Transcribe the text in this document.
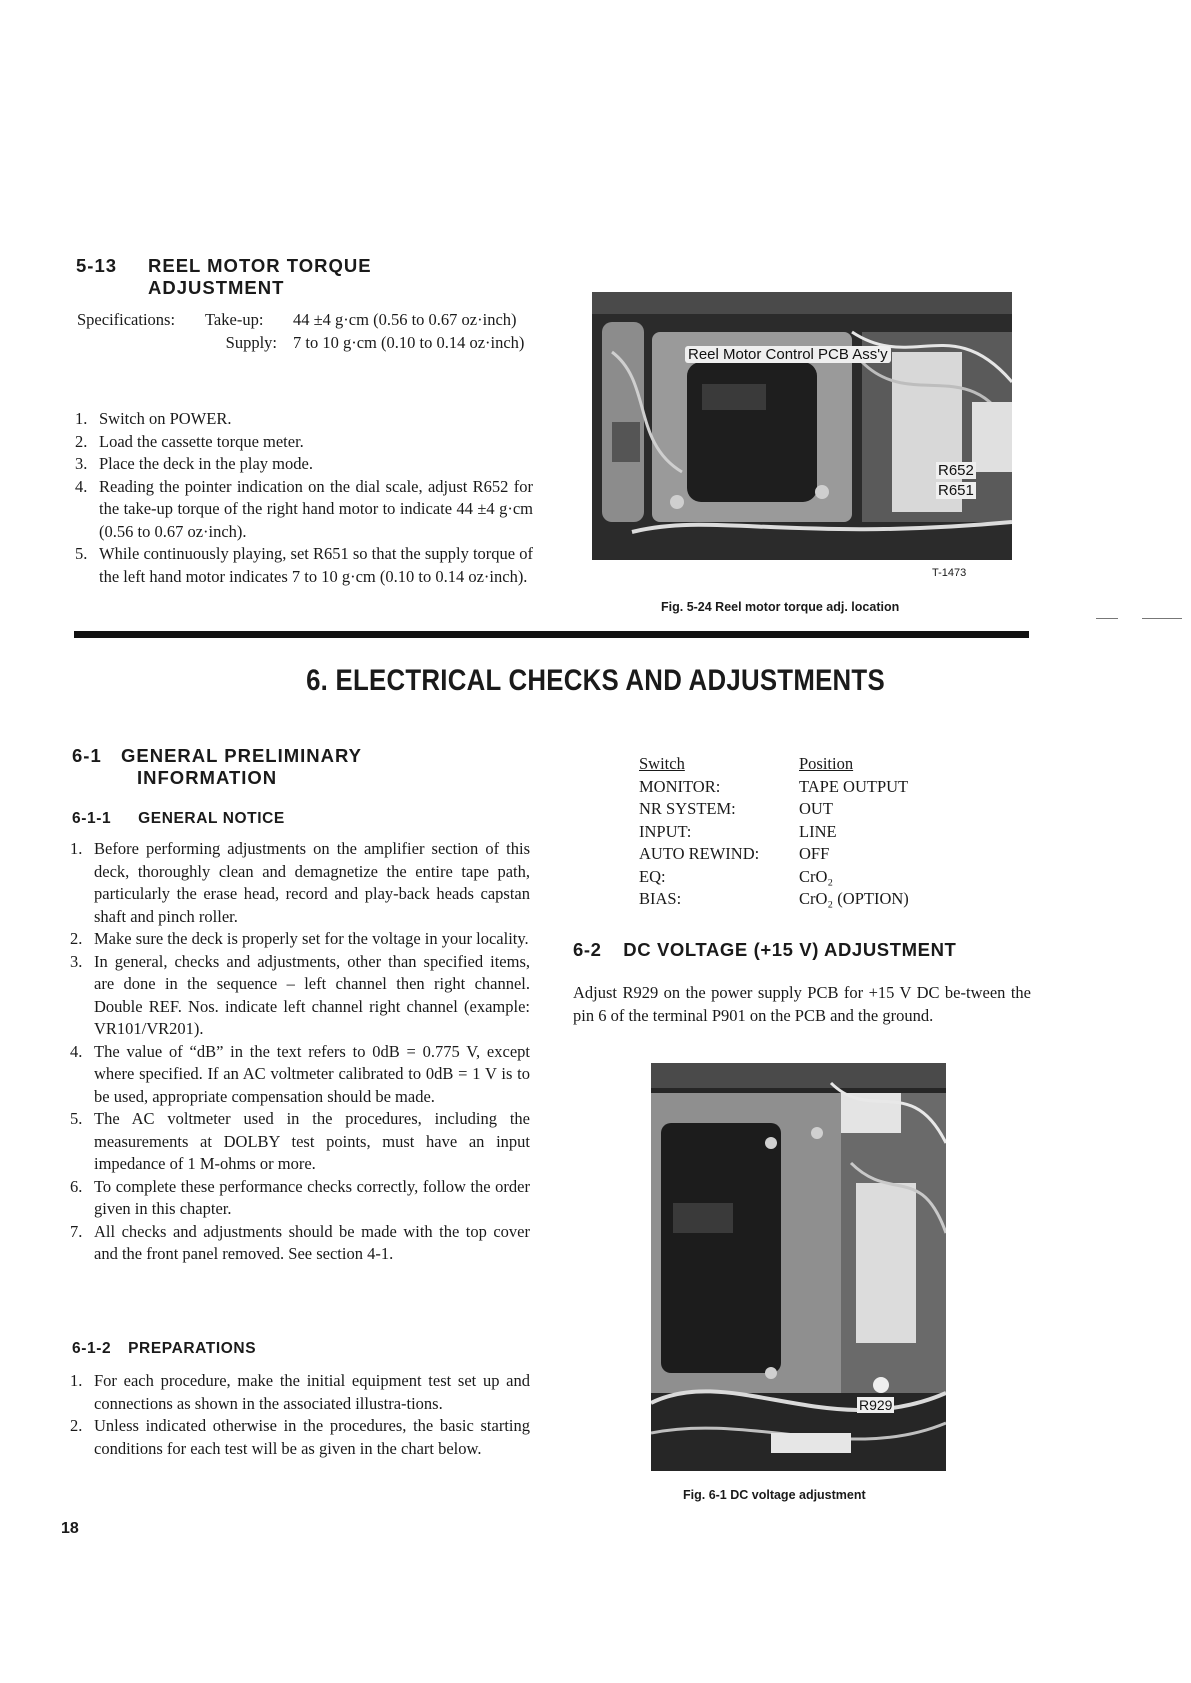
5-13 REEL MOTOR TORQUE
ADJUSTMENT
Specifications:	Take-up:	44 ±4 g·cm (0.56 to 0.67 oz·inch)
	Supply:	7 to 10 g·cm (0.10 to 0.14 oz·inch)
1. Switch on POWER.
2. Load the cassette torque meter.
3. Place the deck in the play mode.
4. Reading the pointer indication on the dial scale, adjust R652 for the take-up torque of the right hand motor to indicate 44 ±4 g·cm (0.56 to 0.67 oz·inch).
5. While continuously playing, set R651 so that the supply torque of the left hand motor indicates 7 to 10 g·cm (0.10 to 0.14 oz·inch).
Reel Motor Control PCB Ass'y
R652
R651
T-1473
Fig. 5-24 Reel motor torque adj. location
6. ELECTRICAL CHECKS AND ADJUSTMENTS
6-1 GENERAL PRELIMINARY
INFORMATION
6-1-1 GENERAL NOTICE
1. Before performing adjustments on the amplifier section of this deck, thoroughly clean and demagnetize the entire tape path, particularly the erase head, record and play-back heads capstan shaft and pinch roller.
2. Make sure the deck is properly set for the voltage in your locality.
3. In general, checks and adjustments, other than specified items, are done in the sequence – left channel then right channel. Double REF. Nos. indicate left channel right channel (example: VR101/VR201).
4. The value of “dB” in the text refers to 0dB = 0.775 V, except where specified. If an AC voltmeter calibrated to 0dB = 1 V is to be used, appropriate compensation should be made.
5. The AC voltmeter used in the procedures, including the measurements at DOLBY test points, must have an input impedance of 1 M-ohms or more.
6. To complete these performance checks correctly, follow the order given in this chapter.
7. All checks and adjustments should be made with the top cover and the front panel removed. See section 4-1.
6-1-2 PREPARATIONS
1. For each procedure, make the initial equipment test set up and connections as shown in the associated illustra-tions.
2. Unless indicated otherwise in the procedures, the basic starting conditions for each test will be as given in the chart below.
18
Switch	Position
MONITOR:	TAPE OUTPUT
NR SYSTEM:	OUT
INPUT:	LINE
AUTO REWIND:	OFF
EQ:	CrO₂
BIAS:	CrO₂ (OPTION)
6-2 DC VOLTAGE (+15 V) ADJUSTMENT
Adjust R929 on the power supply PCB for +15 V DC be-tween the pin 6 of the terminal P901 on the PCB and the ground.
R929
Fig. 6-1 DC voltage adjustment
